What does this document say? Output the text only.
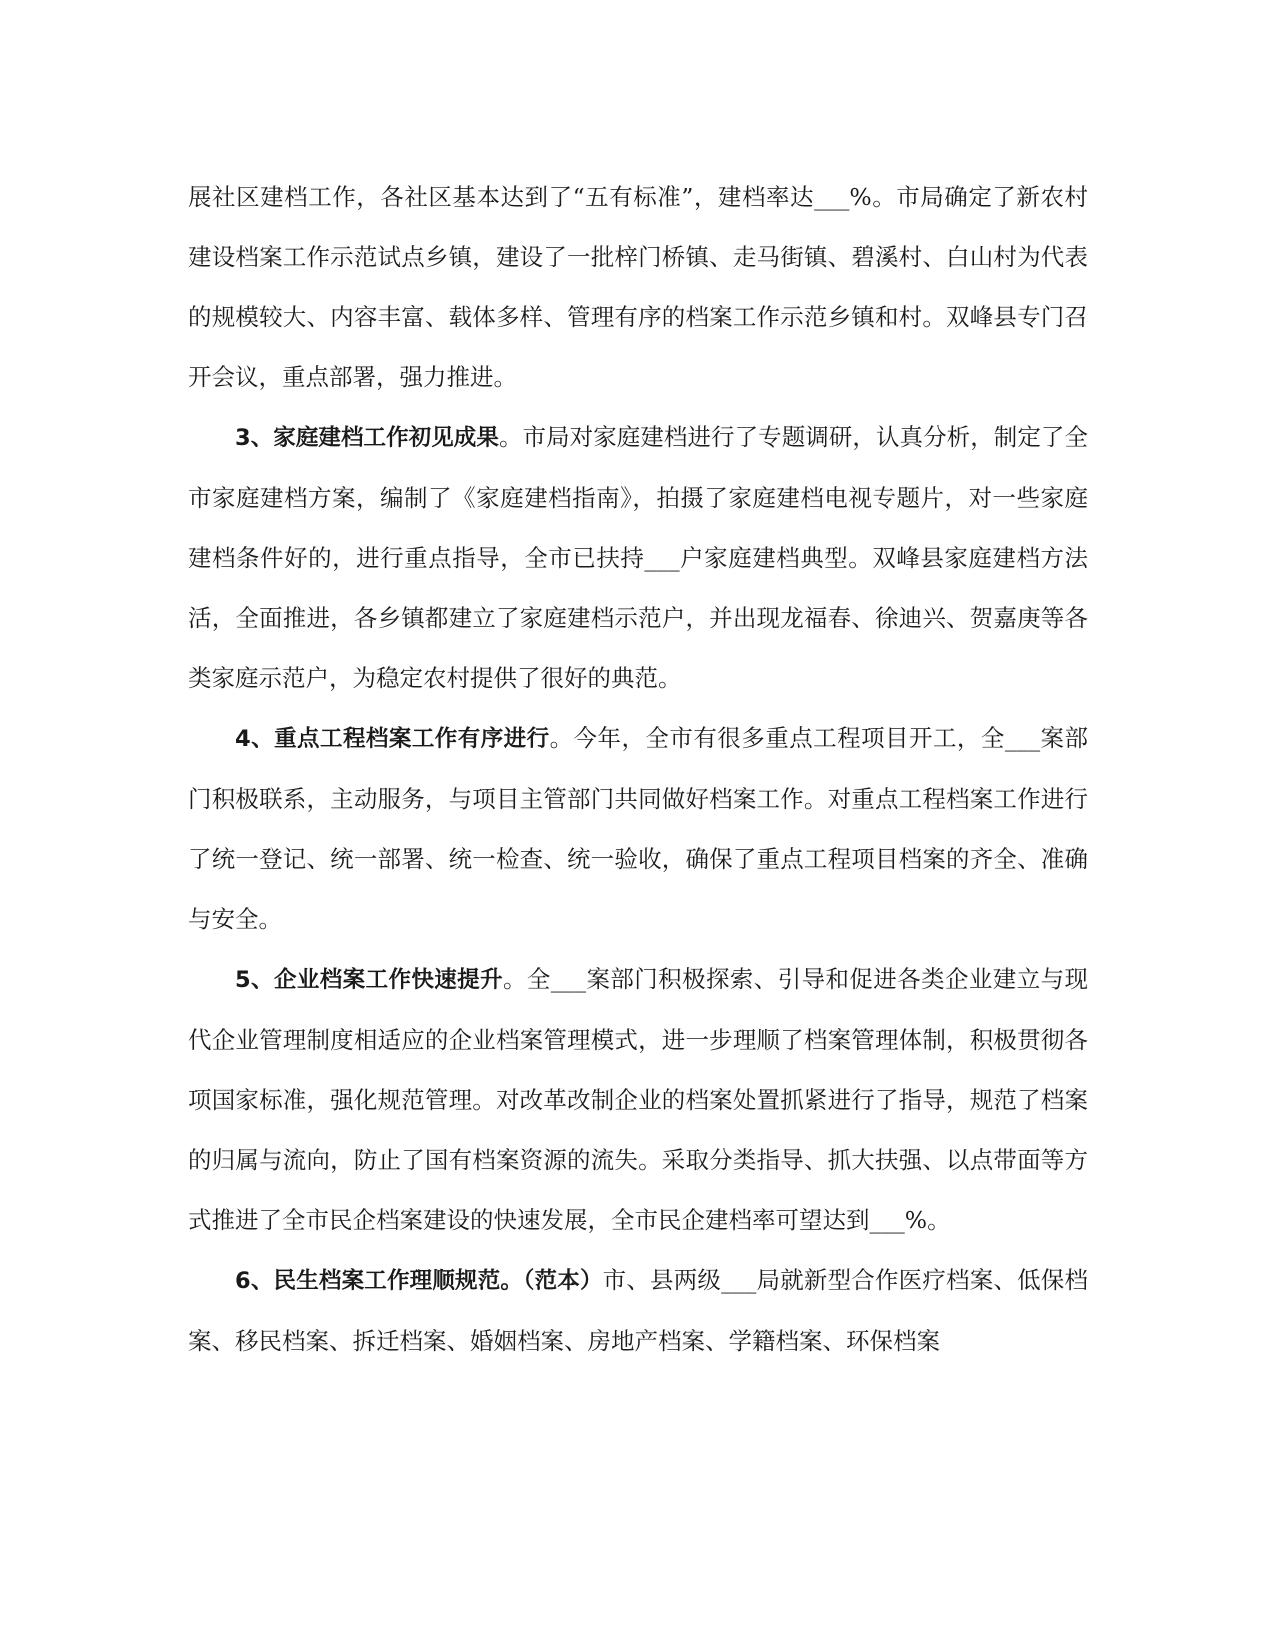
展社区建档工作，各社区基本达到了“五有标准”，建档率达___%。市局确定了新农村建设档案工作示范试点乡镇，建设了一批梓门桥镇、走马街镇、碧溪村、白山村为代表的规模较大、内容丰富、载体多样、管理有序的档案工作示范乡镇和村。双峰县专门召开会议，重点部署，强力推进。

3、家庭建档工作初见成果。市局对家庭建档进行了专题调研，认真分析，制定了全市家庭建档方案，编制了《家庭建档指南》，拍摄了家庭建档电视专题片，对一些家庭建档条件好的，进行重点指导，全市已扶持___户家庭建档典型。双峰县家庭建档方法活，全面推进，各乡镇都建立了家庭建档示范户，并出现龙福春、徐迪兴、贺嘉庚等各类家庭示范户，为稳定农村提供了很好的典范。

4、重点工程档案工作有序进行。今年，全市有很多重点工程项目开工，全___案部门积极联系，主动服务，与项目主管部门共同做好档案工作。对重点工程档案工作进行了统一登记、统一部署、统一检查、统一验收，确保了重点工程项目档案的齐全、准确与安全。

5、企业档案工作快速提升。全___案部门积极探索、引导和促进各类企业建立与现代企业管理制度相适应的企业档案管理模式，进一步理顺了档案管理体制，积极贯彻各项国家标准，强化规范管理。对改革改制企业的档案处置抓紧进行了指导，规范了档案的归属与流向，防止了国有档案资源的流失。采取分类指导、抓大扶强、以点带面等方式推进了全市民企档案建设的快速发展，全市民企建档率可望达到___%。

6、民生档案工作理顺规范。（范本）市、县两级___局就新型合作医疗档案、低保档案、移民档案、拆迁档案、婚姻档案、房地产档案、学籍档案、环保档案
